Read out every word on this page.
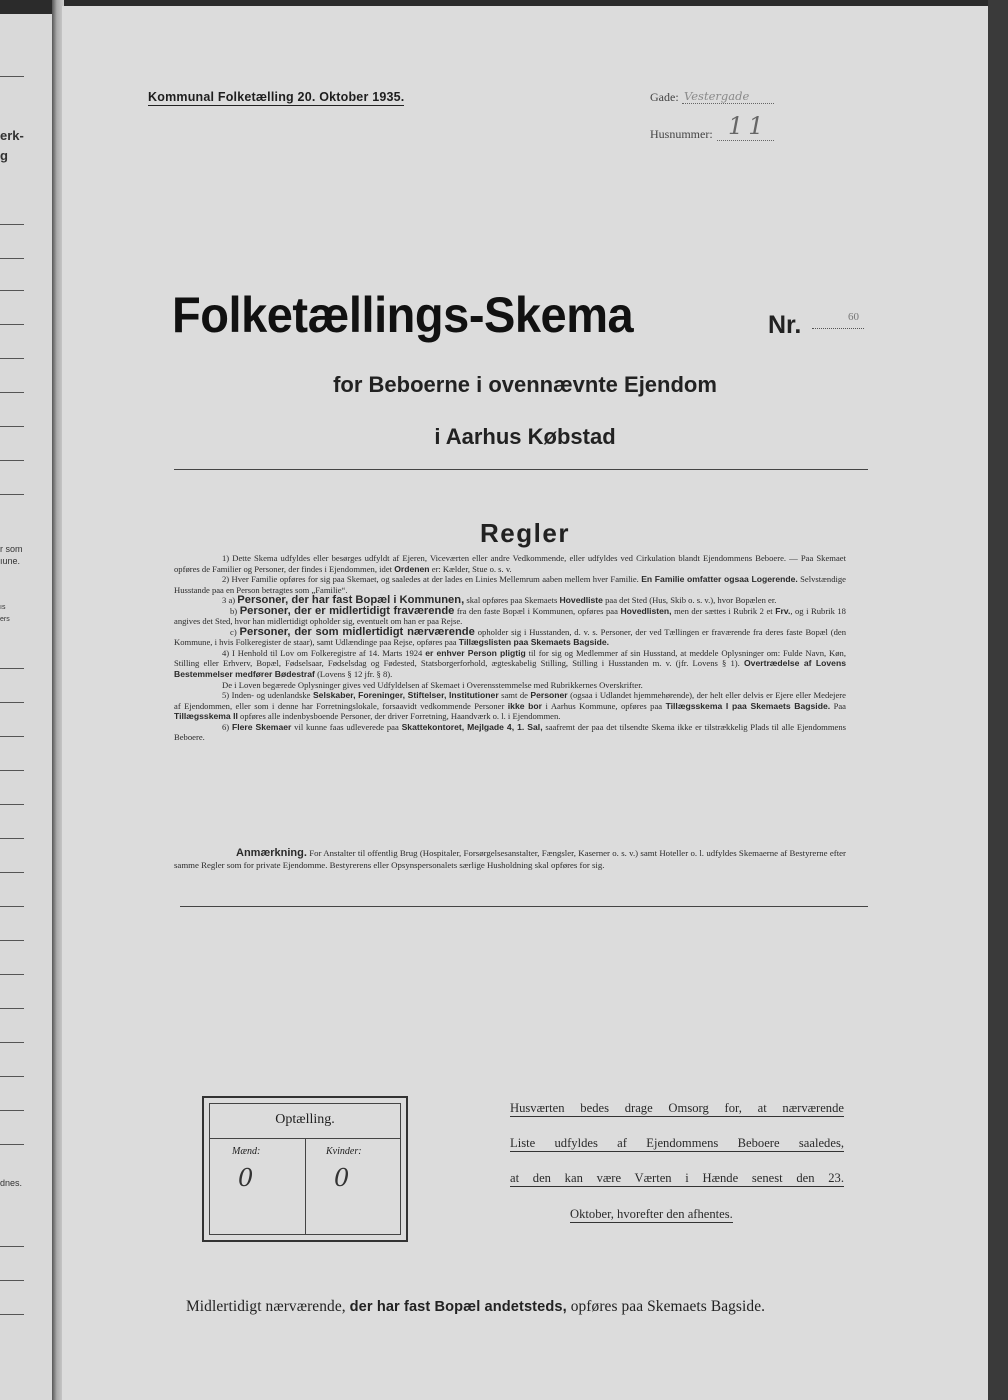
erk-
g
r som
ıune.
ıs
ers
dnes.
Kommunal Folketælling 20. Oktober 1935.	Gade: Vestergade
Husnummer: 11
Folketællings-Skema	Nr.	60
for Beboerne i ovennævnte Ejendom
i Aarhus Købstad
Regler

1) Dette Skema udfyldes eller besørges udfyldt af Ejeren, Viceværten eller andre Vedkommende, eller udfyldes ved Cirkulation blandt Ejendommens Beboere. — Paa Skemaet opføres de Familier og Personer, der findes i Ejendommen, idet Ordenen er: Kælder, Stue o. s. v.

2) Hver Familie opføres for sig paa Skemaet, og saaledes at der lades en Linies Mellemrum aaben mellem hver Familie. En Familie omfatter ogsaa Logerende. Selvstændige Husstande paa en Person betragtes som „Familie“.

3 a) Personer, der har fast Bopæl i Kommunen, skal opføres paa Skemaets Hovedliste paa det Sted (Hus, Skib o. s. v.), hvor Bopælen er.

b) Personer, der er midlertidigt fraværende fra den faste Bopæl i Kommunen, opføres paa Hovedlisten, men der sættes i Rubrik 2 et Frv., og i Rubrik 18 angives det Sted, hvor han midlertidigt opholder sig, eventuelt om han er paa Rejse.

c) Personer, der som midlertidigt nærværende opholder sig i Husstanden, d. v. s. Personer, der ved Tællingen er fraværende fra deres faste Bopæl (den Kommune, i hvis Folkeregister de staar), samt Udlændinge paa Rejse, opføres paa Tillægslisten paa Skemaets Bagside.

4) I Henhold til Lov om Folkeregistre af 14. Marts 1924 er enhver Person pligtig til for sig og Medlemmer af sin Husstand, at meddele Oplysninger om: Fulde Navn, Køn, Stilling eller Erhverv, Bopæl, Fødselsaar, Fødselsdag og Fødested, Statsborgerforhold, ægteskabelig Stilling, Stilling i Husstanden m. v. (jfr. Lovens § 1). Overtrædelse af Lovens Bestemmelser medfører Bødestraf (Lovens § 12 jfr. § 8).

De i Loven begærede Oplysninger gives ved Udfyldelsen af Skemaet i Overensstemmelse med Rubrikkernes Overskrifter.

5) Inden- og udenlandske Selskaber, Foreninger, Stiftelser, Institutioner samt de Personer (ogsaa i Udlandet hjemmehørende), der helt eller delvis er Ejere eller Medejere af Ejendommen, eller som i denne har Forretningslokale, forsaavidt vedkommende Personer ikke bor i Aarhus Kommune, opføres paa Tillægsskema I paa Skemaets Bagside. Paa Tillægsskema II opføres alle indenbysboende Personer, der driver Forretning, Haandværk o. l. i Ejendommen.

6) Flere Skemaer vil kunne faas udleverede paa Skattekontoret, Mejlgade 4, 1. Sal, saafremt der paa det tilsendte Skema ikke er tilstrækkelig Plads til alle Ejendommens Beboere.

Anmærkning. For Anstalter til offentlig Brug (Hospitaler, Forsørgelsesanstalter, Fængsler, Kaserner o. s. v.) samt Hoteller o. l. udfyldes Skemaerne af Bestyrerne efter samme Regler som for private Ejendomme. Bestyrerens eller Opsynspersonalets særlige Husholdning skal opføres for sig.
Optælling.
Mænd:	Kvinder:
0	0
Husværten bedes drage Omsorg for, at nærværende
Liste udfyldes af Ejendommens Beboere saaledes,
at den kan være Værten i Hænde senest den 23.
Oktober, hvorefter den afhentes.
Midlertidigt nærværende, der har fast Bopæl andetsteds, opføres paa Skemaets Bagside.
